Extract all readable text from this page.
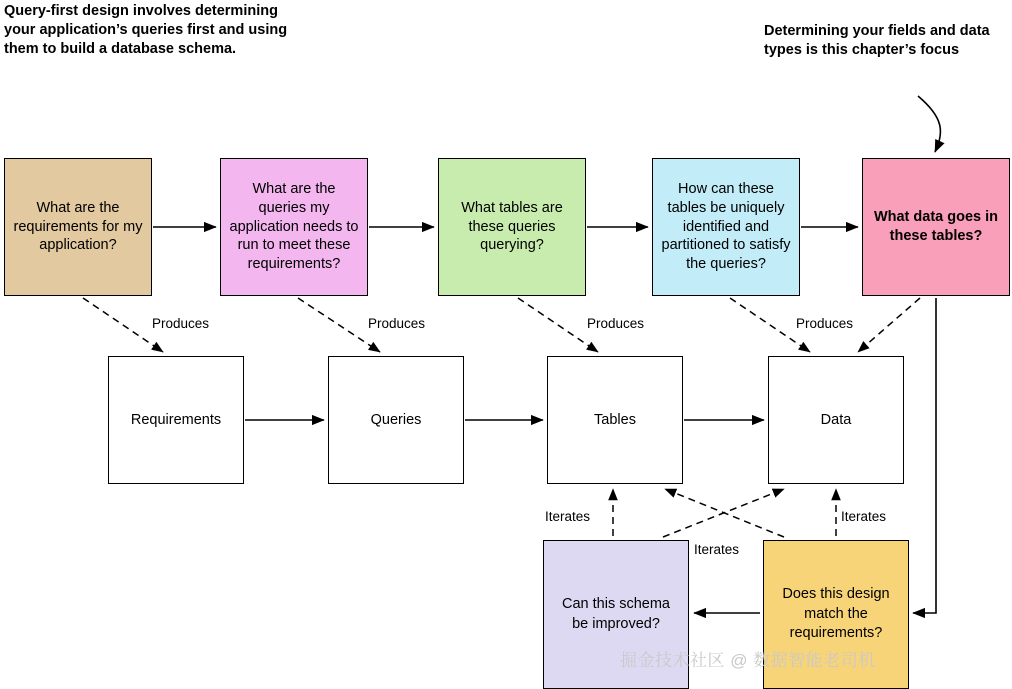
Query-first design involves determining your application’s queries first and using them to build a database schema.
Determining your fields and data types is this chapter’s focus
What are the requirements for my application?
What are the queries my application needs to run to meet these requirements?
What tables are these queries querying?
How can these tables be uniquely identified and partitioned to satisfy the queries?
What data goes in these tables?
Requirements	Queries	Tables	Data
Can this schema be improved?
Does this design match the requirements?
Produces	Produces	Produces	Produces
Iterates
Iterates
Iterates
掘金技术社区 @ 数据智能老司机
